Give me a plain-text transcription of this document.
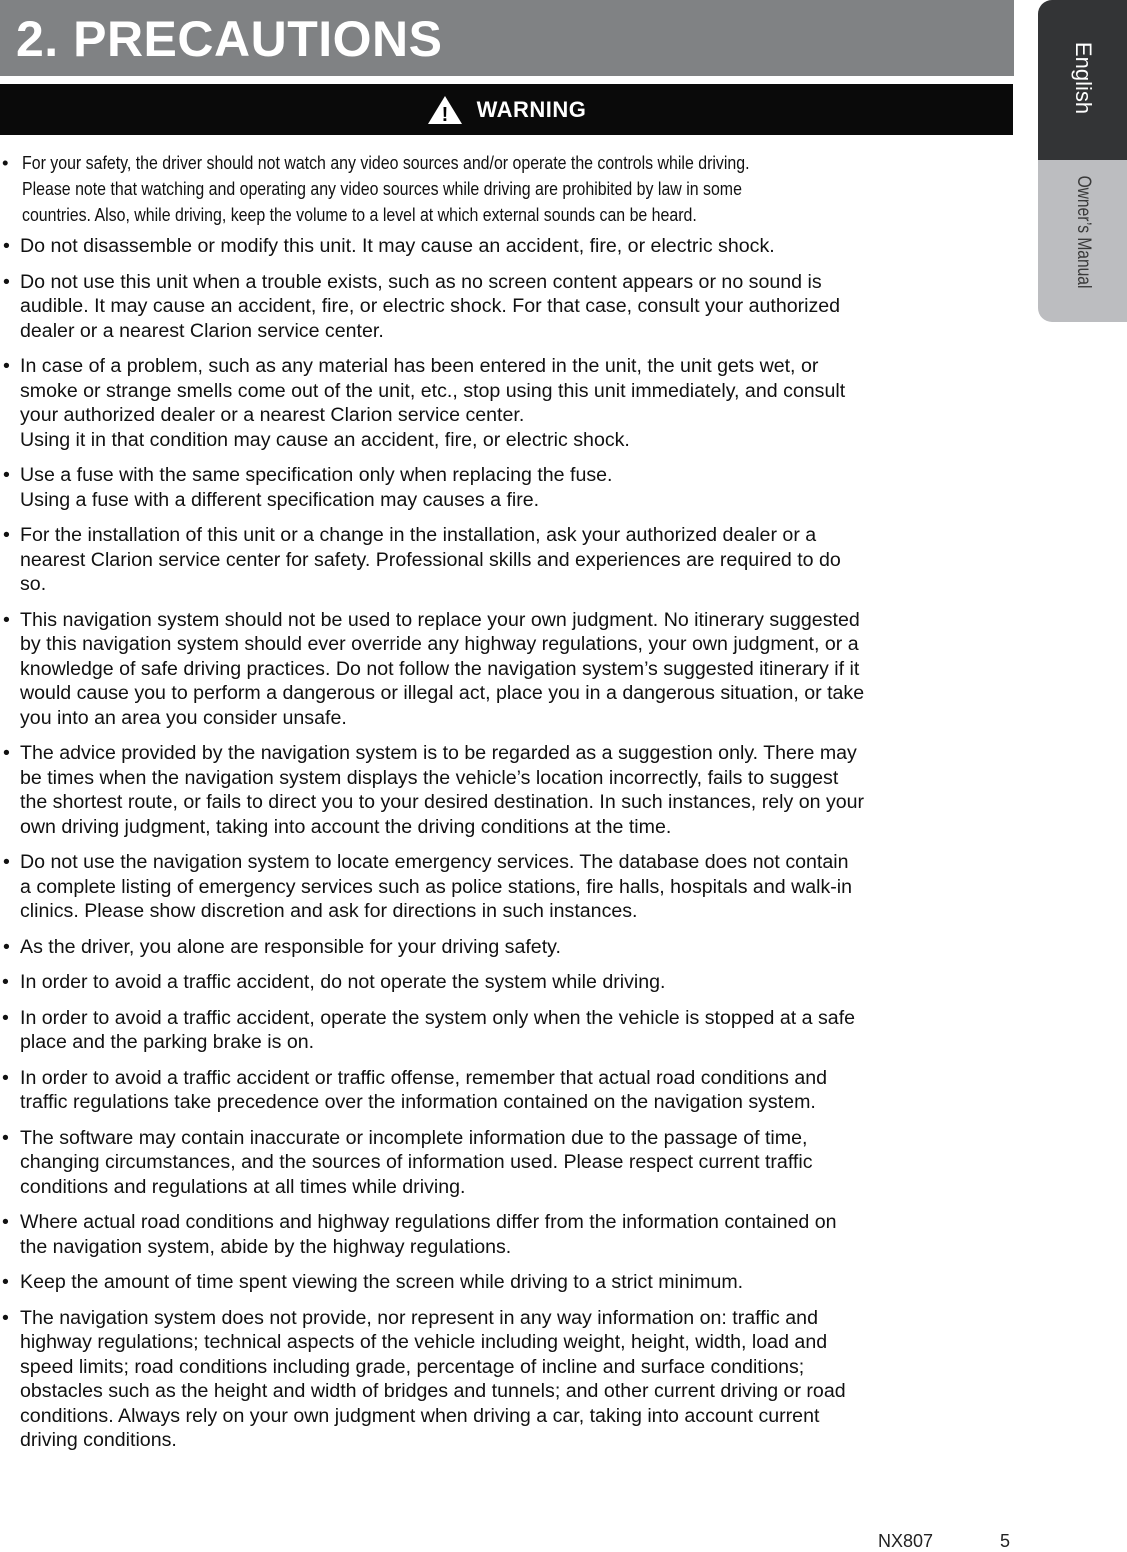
2. PRECAUTIONS
! WARNING	English
Owner’s Manual
• For your safety, the driver should not watch any video sources and/or operate the controls while driving.
Please note that watching and operating any video sources while driving are prohibited by law in some
countries. Also, while driving, keep the volume to a level at which external sounds can be heard.
• Do not disassemble or modify this unit. It may cause an accident, fire, or electric shock.
• Do not use this unit when a trouble exists, such as no screen content appears or no sound is
audible. It may cause an accident, fire, or electric shock. For that case, consult your authorized
dealer or a nearest Clarion service center.
• In case of a problem, such as any material has been entered in the unit, the unit gets wet, or
smoke or strange smells come out of the unit, etc., stop using this unit immediately, and consult
your authorized dealer or a nearest Clarion service center.
Using it in that condition may cause an accident, fire, or electric shock.
• Use a fuse with the same specification only when replacing the fuse.
Using a fuse with a different specification may causes a fire.
• For the installation of this unit or a change in the installation, ask your authorized dealer or a
nearest Clarion service center for safety. Professional skills and experiences are required to do
so.
• This navigation system should not be used to replace your own judgment. No itinerary suggested
by this navigation system should ever override any highway regulations, your own judgment, or a
knowledge of safe driving practices. Do not follow the navigation system’s suggested itinerary if it
would cause you to perform a dangerous or illegal act, place you in a dangerous situation, or take
you into an area you consider unsafe.
• The advice provided by the navigation system is to be regarded as a suggestion only. There may
be times when the navigation system displays the vehicle’s location incorrectly, fails to suggest
the shortest route, or fails to direct you to your desired destination. In such instances, rely on your
own driving judgment, taking into account the driving conditions at the time.
• Do not use the navigation system to locate emergency services. The database does not contain
a complete listing of emergency services such as police stations, fire halls, hospitals and walk-in
clinics. Please show discretion and ask for directions in such instances.
• As the driver, you alone are responsible for your driving safety.
• In order to avoid a traffic accident, do not operate the system while driving.
• In order to avoid a traffic accident, operate the system only when the vehicle is stopped at a safe
place and the parking brake is on.
• In order to avoid a traffic accident or traffic offense, remember that actual road conditions and
traffic regulations take precedence over the information contained on the navigation system.
• The software may contain inaccurate or incomplete information due to the passage of time,
changing circumstances, and the sources of information used. Please respect current traffic
conditions and regulations at all times while driving.
• Where actual road conditions and highway regulations differ from the information contained on
the navigation system, abide by the highway regulations.
• Keep the amount of time spent viewing the screen while driving to a strict minimum.
• The navigation system does not provide, nor represent in any way information on: traffic and
highway regulations; technical aspects of the vehicle including weight, height, width, load and
speed limits; road conditions including grade, percentage of incline and surface conditions;
obstacles such as the height and width of bridges and tunnels; and other current driving or road
conditions. Always rely on your own judgment when driving a car, taking into account current
driving conditions.
NX807	5
